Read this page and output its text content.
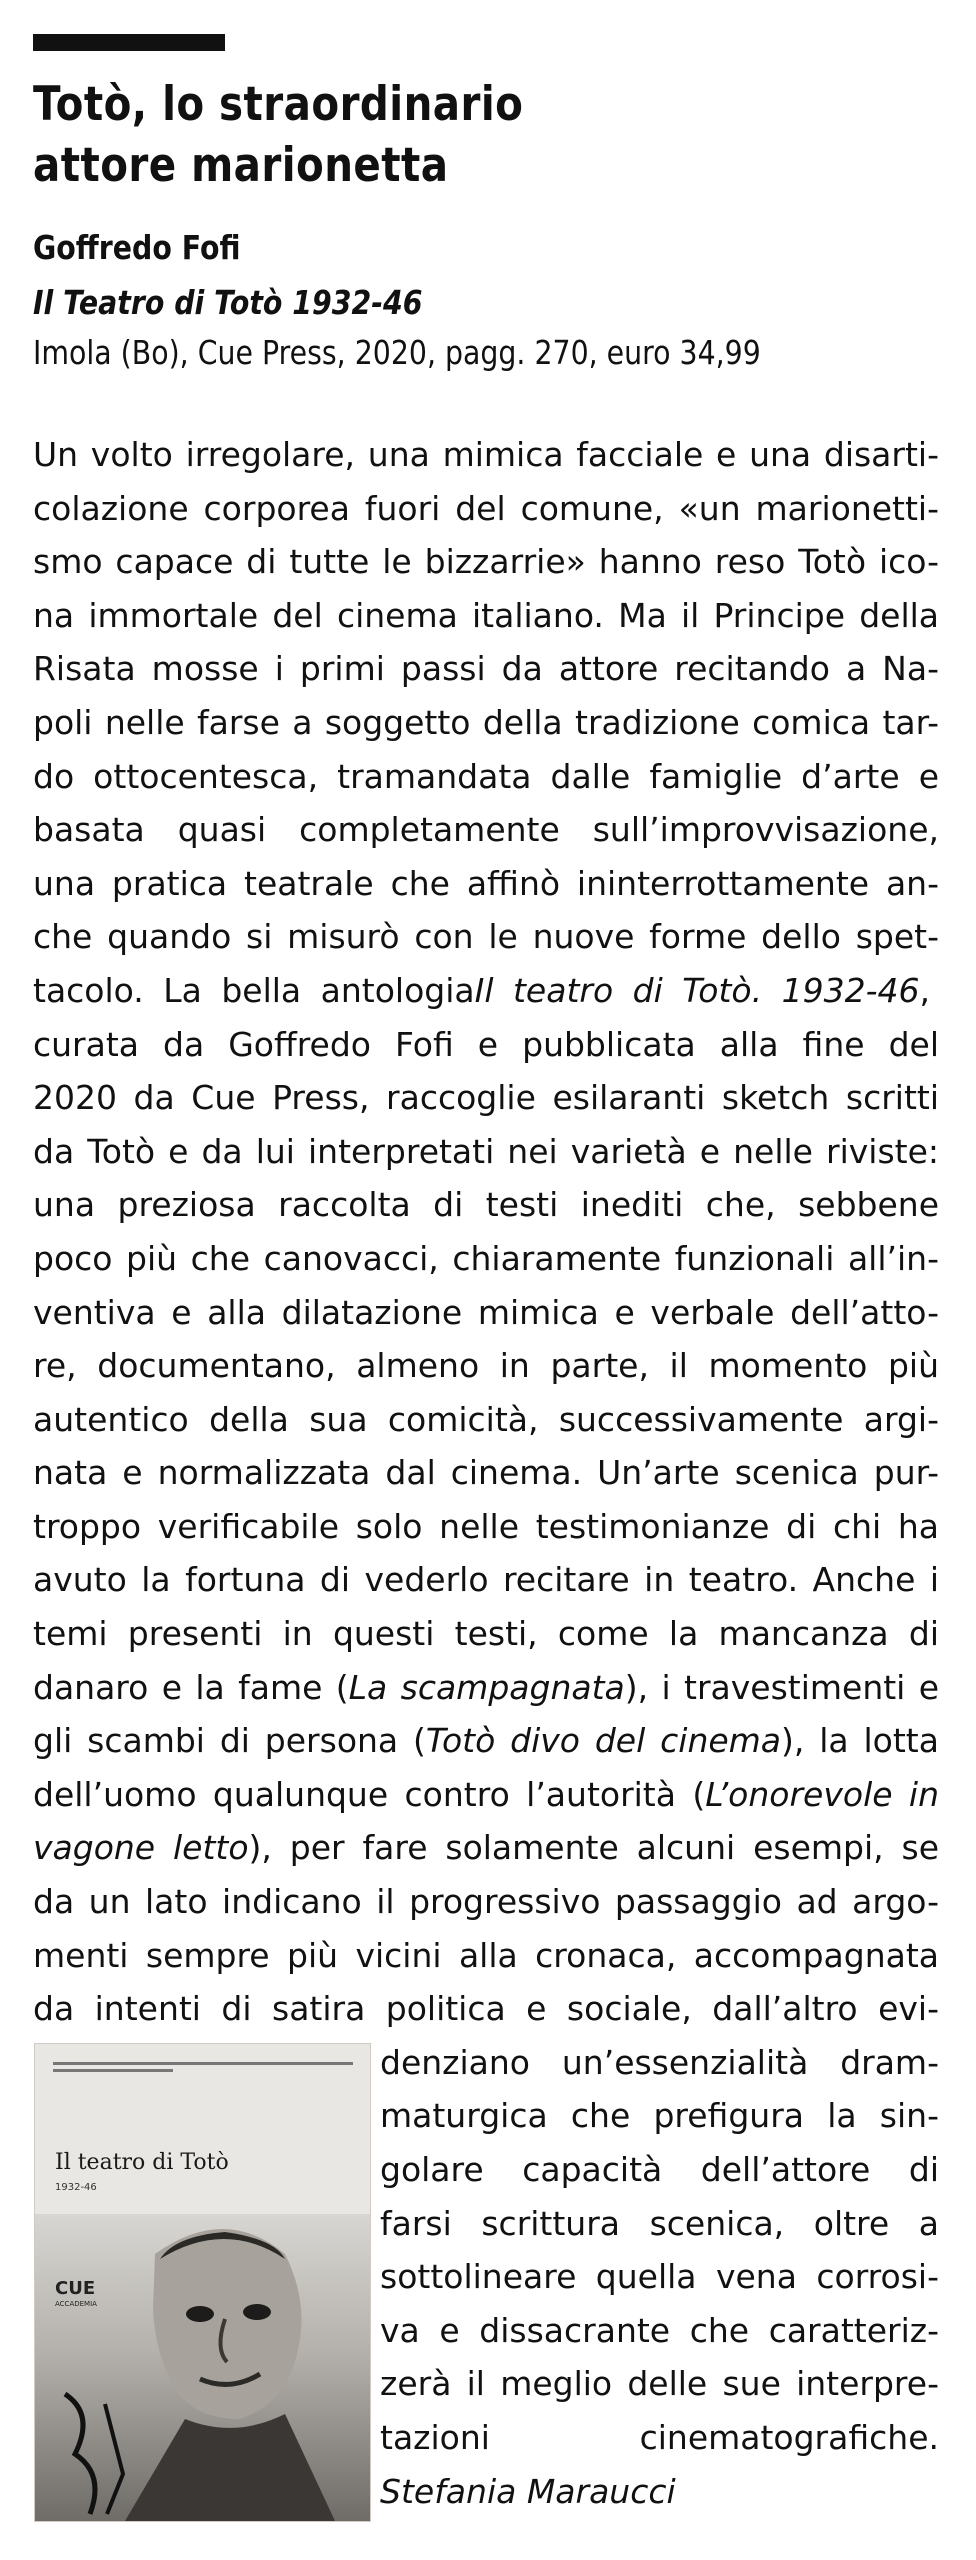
Totò, lo straordinario
attore marionetta
Goffredo Fofi
Il Teatro di Totò 1932-46
Imola (Bo), Cue Press, 2020, pagg. 270, euro 34,99
Un volto irregolare, una mimica facciale e una disarti-
colazione corporea fuori del comune, «un marionetti-
smo capace di tutte le bizzarrie» hanno reso Totò ico-
na immortale del cinema italiano. Ma il Principe della
Risata mosse i primi passi da attore recitando a Na-
poli nelle farse a soggetto della tradizione comica tar-
do ottocentesca, tramandata dalle famiglie d’arte e
basata quasi completamente sull’improvvisazione,
una pratica teatrale che affinò ininterrottamente an-
che quando si misurò con le nuove forme dello spet-
tacolo. La bella antologiaIl teatro di Totò. 1932-46,
curata da Goffredo Fofi e pubblicata alla fine del
2020 da Cue Press, raccoglie esilaranti sketch scritti
da Totò e da lui interpretati nei varietà e nelle riviste:
una preziosa raccolta di testi inediti che, sebbene
poco più che canovacci, chiaramente funzionali all’in-
ventiva e alla dilatazione mimica e verbale dell’atto-
re, documentano, almeno in parte, il momento più
autentico della sua comicità, successivamente argi-
nata e normalizzata dal cinema. Un’arte scenica pur-
troppo verificabile solo nelle testimonianze di chi ha
avuto la fortuna di vederlo recitare in teatro. Anche i
temi presenti in questi testi, come la mancanza di
danaro e la fame (La scampagnata), i travestimenti e
gli scambi di persona (Totò divo del cinema), la lotta
dell’uomo qualunque contro l’autorità (L’onorevole in
vagone letto), per fare solamente alcuni esempi, se
da un lato indicano il progressivo passaggio ad argo-
menti sempre più vicini alla cronaca, accompagnata
da intenti di satira politica e sociale, dall’altro evi-
denziano un’essenzialità dram-
maturgica che prefigura la sin-
golare capacità dell’attore di
farsi scrittura scenica, oltre a
sottolineare quella vena corrosi-
va e dissacrante che caratteriz-
zerà il meglio delle sue interpre-
tazioni cinematografiche.
Stefania Maraucci
Il teatro di Totò
1932-46
CUE
ACCADEMIA
